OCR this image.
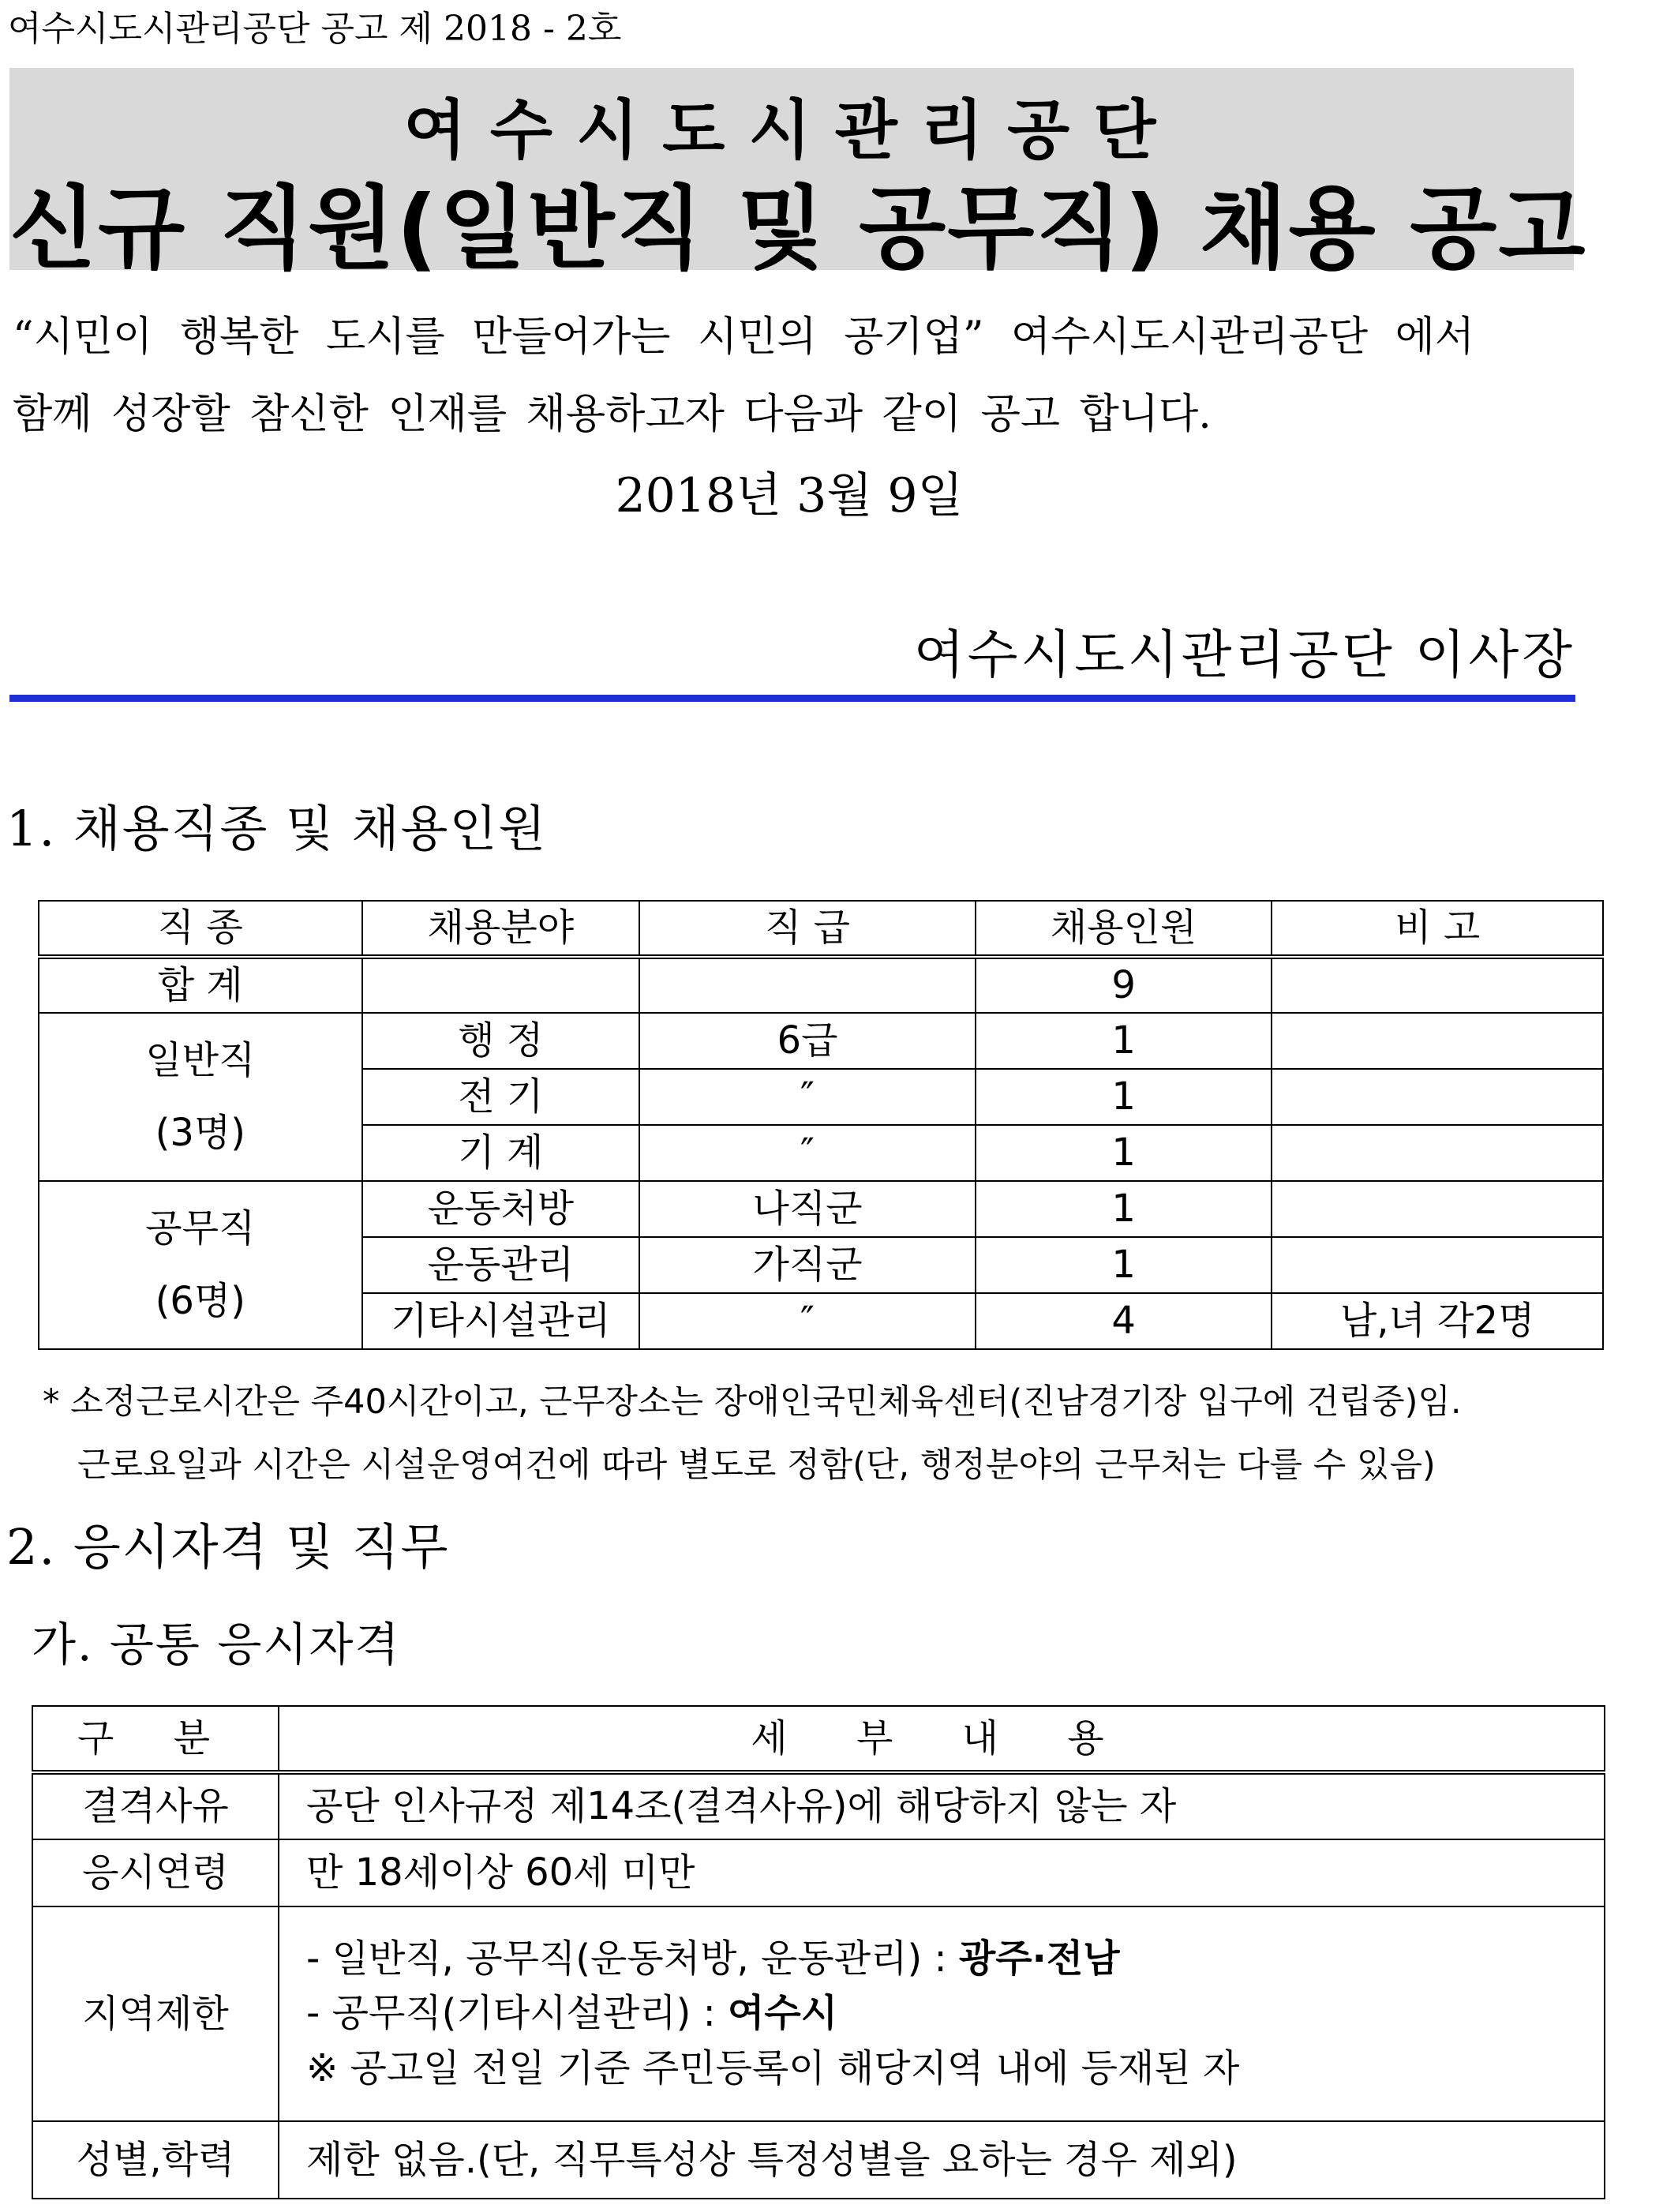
여수시도시관리공단 공고 제 2018 - 2호
여수시도시관리공단
신규 직원(일반직 및 공무직) 채용 공고
“시민이 행복한 도시를 만들어가는 시민의 공기업” 여수시도시관리공단 에서
함께 성장할 참신한 인재를 채용하고자 다음과 같이 공고 합니다.
2018년 3월 9일
여수시도시관리공단 이사장
1. 채용직종 및 채용인원
직 종	채용분야	직 급	채용인원	비 고
합 계			9	
일반직
(3명)	행 정	6급	1	
	전 기	″	1	
	기 계	″	1	
공무직
(6명)	운동처방	나직군	1	
	운동관리	가직군	1	
	기타시설관리	″	4	남,녀 각2명
* 소정근로시간은 주40시간이고, 근무장소는 장애인국민체육센터(진남경기장 입구에 건립중)임.
근로요일과 시간은 시설운영여건에 따라 별도로 정함(단, 행정분야의 근무처는 다를 수 있음)
2. 응시자격 및 직무
가. 공통 응시자격
구 분	세 부 내 용
결격사유	공단 인사규정 제14조(결격사유)에 해당하지 않는 자
응시연령	만 18세이상 60세 미만
지역제한	- 일반직, 공무직(운동처방, 운동관리) : 광주·전남
- 공무직(기타시설관리) : 여수시
※ 공고일 전일 기준 주민등록이 해당지역 내에 등재된 자

성별,학력	제한 없음.(단, 직무특성상 특정성별을 요하는 경우 제외)
